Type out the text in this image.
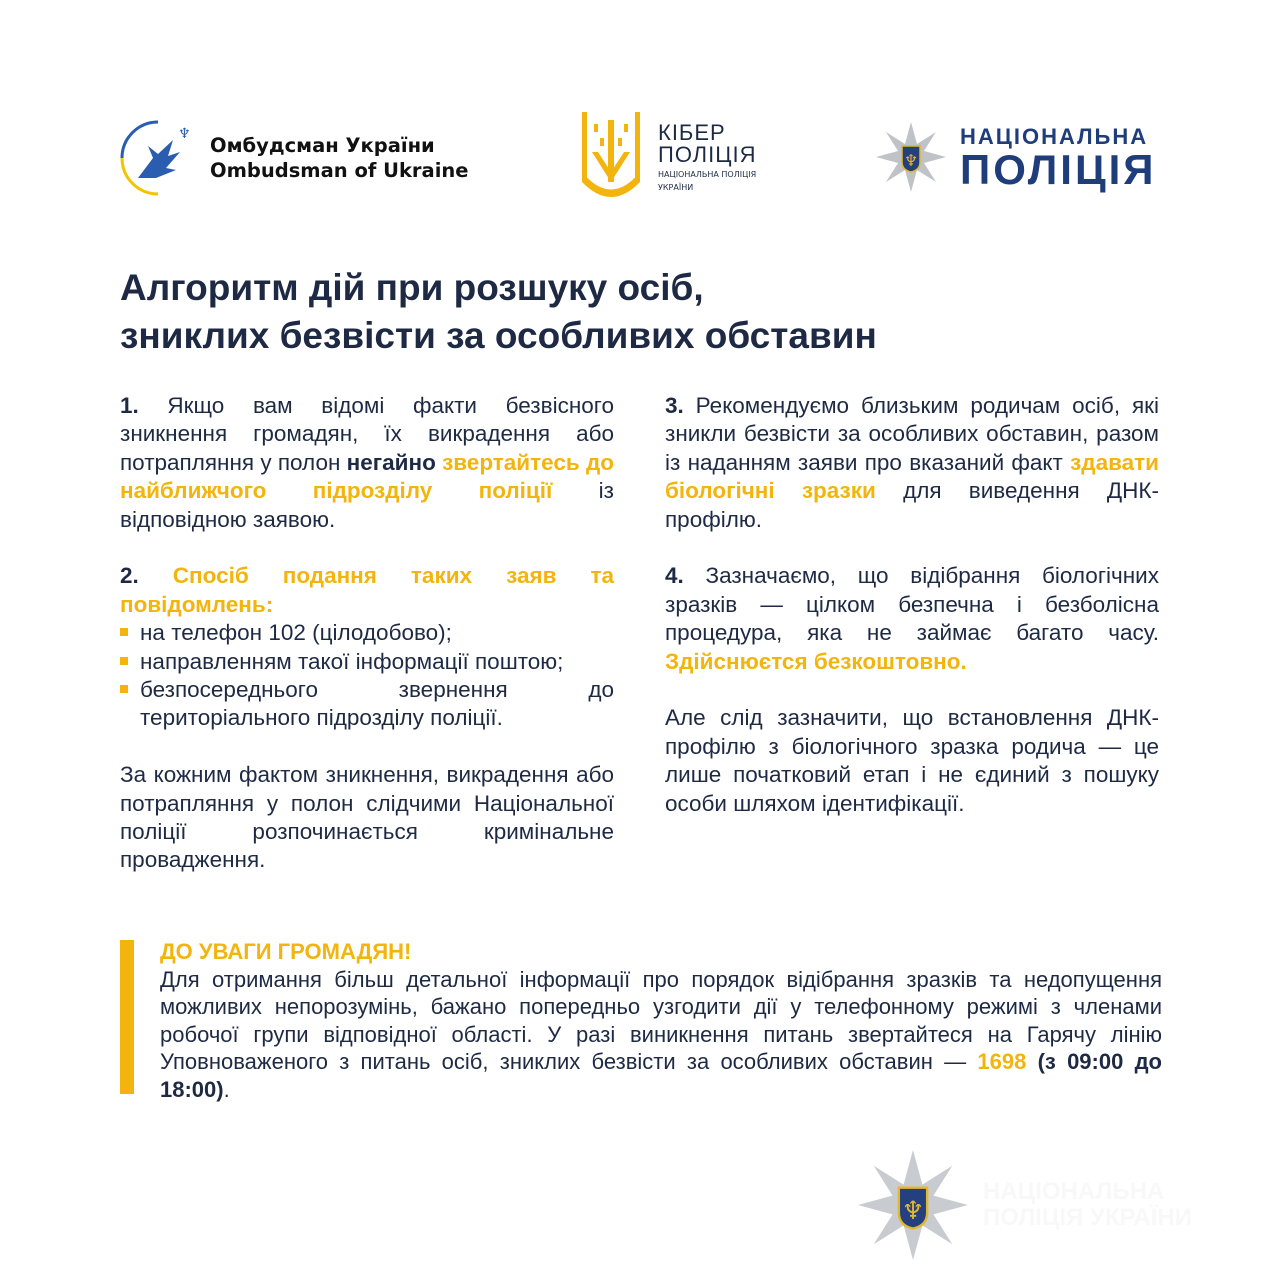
♆ Омбудсман України
Ombudsman of Ukraine
КІБЕР
ПОЛІЦІЯ
НАЦІОНАЛЬНА ПОЛІЦІЯ
УКРАЇНИ
♆
НАЦІОНАЛЬНА
ПОЛІЦІЯ
Алгоритм дій при розшуку осіб,
зниклих безвісти за особливих обставин

1. Якщо вам відомі факти безвісного зникнення громадян, їх викрадення або потрапляння у полон негайно звертайтесь до найближчого підрозділу поліції із відповідною заявою.

2. Спосіб подання таких заяв та повідомлень:
на телефон 102 (цілодобово);
направленням такої інформації поштою;
безпосереднього звернення до територіального підрозділу поліції.

За кожним фактом зникнення, викрадення або потрапляння у полон слідчими Національної поліції розпочинається кримінальне провадження.

3. Рекомендуємо близьким родичам осіб, які зникли безвісти за особливих обставин, разом із наданням заяви про вказаний факт здавати біологічні зразки для виведення ДНК-профілю.

4. Зазначаємо, що відібрання біологічних зразків — цілком безпечна і безболісна процедура, яка не займає багато часу. Здійснюєтся безкоштовно.

Але слід зазначити, що встановлення ДНК-профілю з біологічного зразка родича — це лише початковий етап і не єдиний з пошуку особи шляхом ідентифікації.

ДО УВАГИ ГРОМАДЯН!
Для отримання більш детальної інформації про порядок відібрання зразків та недопущення можливих непорозумінь, бажано попередньо узгодити дії у телефонному режимі з членами робочої групи відповідної області. У разі виникнення питань звертайтеся на Гарячу лінію Уповноваженого з питань осіб, зниклих безвісти за особливих обставин — 1698 (з 09:00 до 18:00).
♆
НАЦІОНАЛЬНА
ПОЛІЦІЯ УКРАЇНИ
